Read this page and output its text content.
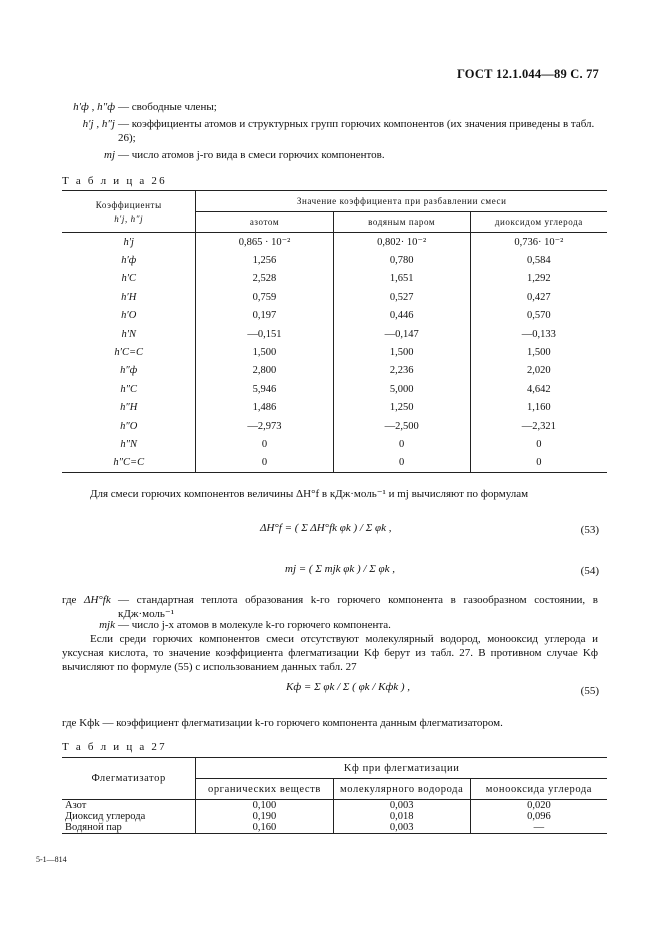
ГОСТ 12.1.044—89 С. 77
h′ф , h″ф — свободные члены;
h′j , h″j — коэффициенты атомов и структурных групп горючих компонентов (их значения приведены в табл. 26);
mj — число атомов j-го вида в смеси горючих компонентов.
Т а б л и ц а 26
Коэффициенты
h′j, h″j	Значение коэффициента при разбавлении смеси		
	азотом	водяным паром	диоксидом углерода
h′j	0,865 · 10⁻²	0,802· 10⁻²	0,736· 10⁻²
h′ф	1,256	0,780	0,584
h′C	2,528	1,651	1,292
h′H	0,759	0,527	0,427
h′O	0,197	0,446	0,570
h′N	—0,151	—0,147	—0,133
h′C=C	1,500	1,500	1,500
h″ф	2,800	2,236	2,020
h″C	5,946	5,000	4,642
h″H	1,486	1,250	1,160
h″O	—2,973	—2,500	—2,321
h″N	0	0	0
h″C=C	0	0	0
Для смеси горючих компонентов величины ΔH°f в кДж·моль⁻¹ и mj вычисляют по формулам
ΔH°f = ( Σ ΔH°fk φk ) / Σ φk ,	(53)
mj = ( Σ mjk φk ) / Σ φk ,	(54)
где ΔH°fk — стандартная теплота образования k-го горючего компонента в газообразном состоянии, в кДж·моль⁻¹
mjk — число j-х атомов в молекуле k-го горючего компонента.
Если среди горючих компонентов смеси отсутствуют молекулярный водород, монооксид углерода и уксусная кислота, то значение коэффициента флегматизации Kф берут из табл. 27. В противном случае Kф вычисляют по формуле (55) с использованием данных табл. 27
Kф = Σ φk / Σ ( φk / Kфk ) ,	(55)
где Kфk — коэффициент флегматизации k-го горючего компонента данным флегматизатором.
Т а б л и ц а 27
Флегматизатор	Kф при флегматизации		
	органических веществ	молекулярного водорода	монооксида углерода
Азот	0,100	0,003	0,020
Диоксид углерода	0,190	0,018	0,096
Водяной пар	0,160	0,003	—
5-1—814
